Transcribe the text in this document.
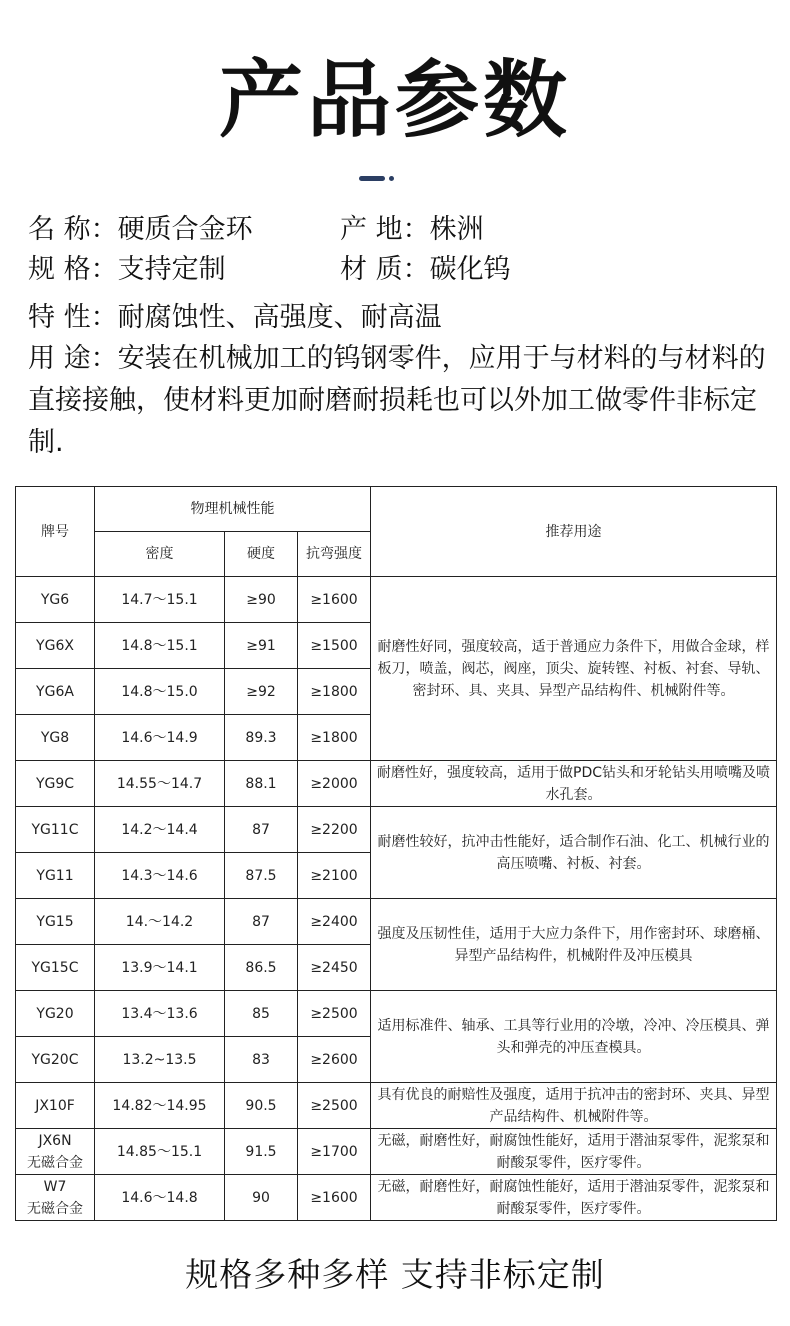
产品参数
名 称：硬质合金环	产 地：株洲
规 格：支持定制	材 质：碳化钨
特 性：耐腐蚀性、高强度、耐高温
用 途：安装在机械加工的钨钢零件，应用于与材料的与材料的直接接触，使材料更加耐磨耐损耗也可以外加工做零件非标定制.
牌号	物理机械性能			推荐用途
	密度	硬度	抗弯强度	
YG6	14.7～15.1	≥90	≥1600	耐磨性好同，强度较高，适于普通应力条件下，用做合金球，样板刀，喷盖，阀芯，阀座，顶尖、旋转铿、衬板、衬套、导轨、密封环、具、夹具、异型产品结构件、机械附件等。
YG6X	14.8～15.1	≥91	≥1500	
YG6A	14.8～15.0	≥92	≥1800	
YG8	14.6～14.9	89.3	≥1800	
YG9C	14.55～14.7	88.1	≥2000	耐磨性好，强度较高，适用于做PDC钻头和牙轮钻头用喷嘴及喷水孔套。
YG11C	14.2～14.4	87	≥2200	耐磨性较好，抗冲击性能好，适合制作石油、化工、机械行业的高压喷嘴、衬板、衬套。
YG11	14.3～14.6	87.5	≥2100	
YG15	14.～14.2	87	≥2400	强度及压韧性佳，适用于大应力条件下，用作密封环、球磨桶、异型产品结构件，机械附件及冲压模具
YG15C	13.9～14.1	86.5	≥2450	
YG20	13.4～13.6	85	≥2500	适用标准件、轴承、工具等行业用的冷墩，冷冲、冷压模具、弹头和弹壳的冲压查模具。
YG20C	13.2~13.5	83	≥2600	
JX10F	14.82～14.95	90.5	≥2500	具有优良的耐赔性及强度，适用于抗冲击的密封环、夹具、异型产品结构件、机械附件等。

JX6N
无磁合金	14.85～15.1	91.5	≥1700	无磁，耐磨性好，耐腐蚀性能好，适用于潜油泵零件，泥浆泵和耐酸泵零件，医疗零件。

W7
无磁合金	14.6～14.8	90	≥1600	无磁，耐磨性好，耐腐蚀性能好，适用于潜油泵零件，泥浆泵和耐酸泵零件，医疗零件。
规格多种多样 支持非标定制
